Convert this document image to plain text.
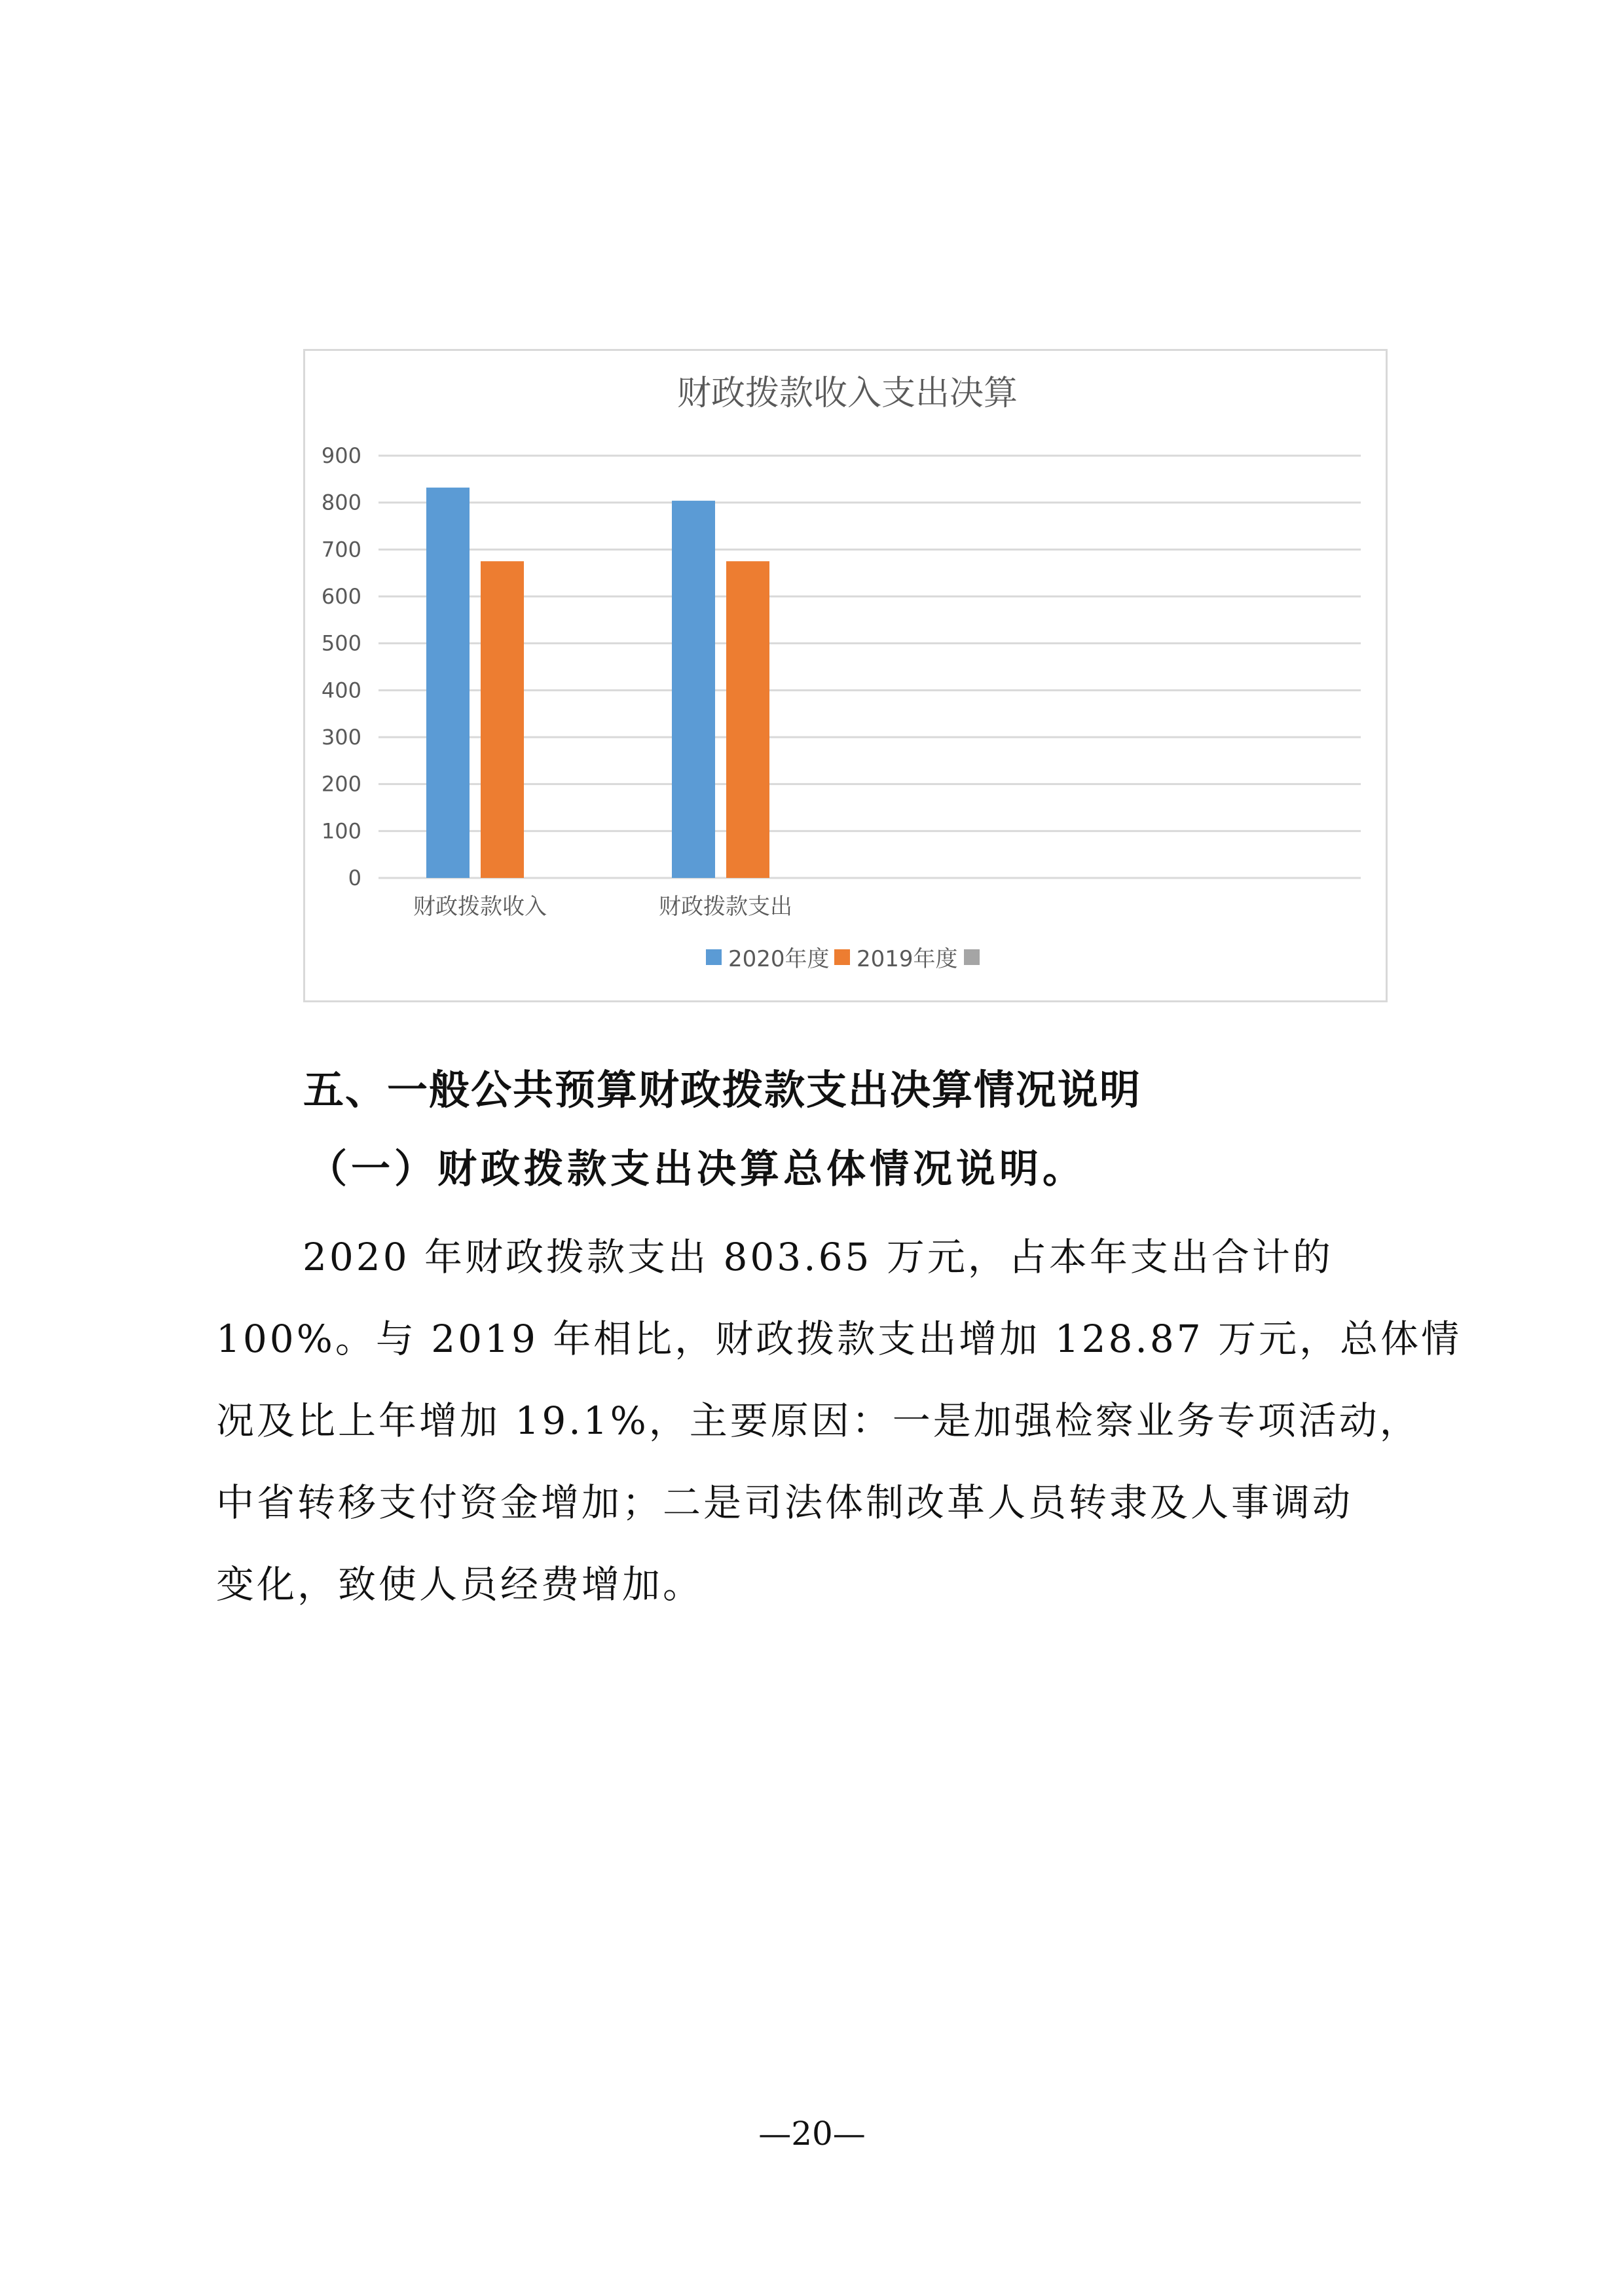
财政拨款收入支出决算
0
100
200
300
400
500
600
700
800
900
财政拨款收入	财政拨款支出
2020年度 2019年度
五、一般公共预算财政拨款支出决算情况说明
（一）财政拨款支出决算总体情况说明。
2020 年财政拨款支出 803.65 万元，占本年支出合计的
100%。与 2019 年相比，财政拨款支出增加 128.87 万元，总体情
况及比上年增加 19.1%，主要原因：一是加强检察业务专项活动，
中省转移支付资金增加；二是司法体制改革人员转隶及人事调动
变化，致使人员经费增加。
—20—
